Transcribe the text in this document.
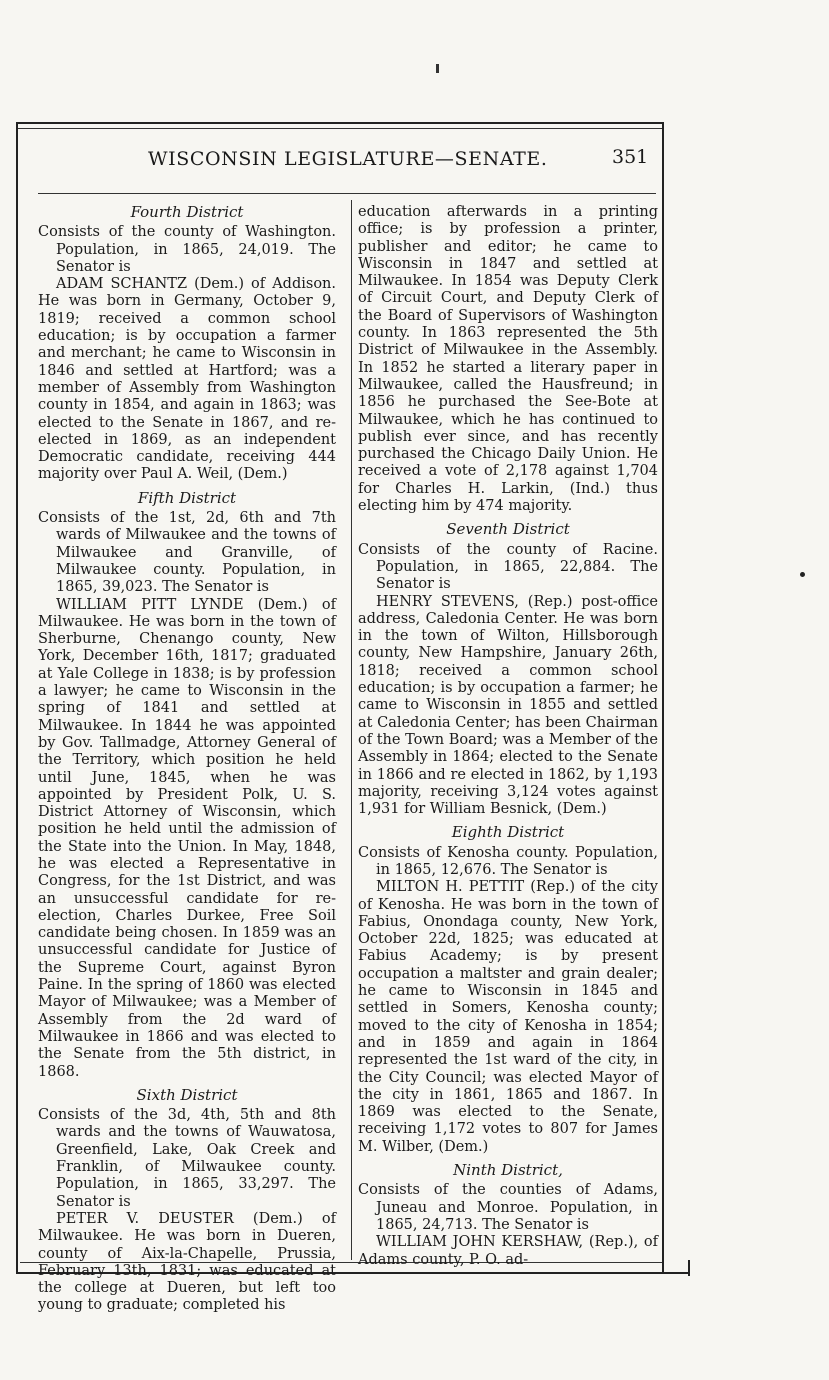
WISCONSIN LEGISLATURE—SENATE.	351
Fourth District

Consists of the county of Washington. Population, in 1865, 24,019. The Senator is

ADAM SCHANTZ (Dem.) of Addison. He was born in Germany, October 9, 1819; received a common school education; is by occupation a farmer and merchant; he came to Wisconsin in 1846 and settled at Hartford; was a member of Assembly from Washington county in 1854, and again in 1863; was elected to the Senate in 1867, and re-elected in 1869, as an independent Democratic candidate, receiving 444 majority over Paul A. Weil, (Dem.)

Fifth District

Consists of the 1st, 2d, 6th and 7th wards of Milwaukee and the towns of Milwaukee and Granville, of Milwaukee county. Population, in 1865, 39,023. The Senator is

WILLIAM PITT LYNDE (Dem.) of Milwaukee. He was born in the town of Sherburne, Chenango county, New York, December 16th, 1817; graduated at Yale College in 1838; is by profession a lawyer; he came to Wisconsin in the spring of 1841 and settled at Milwaukee. In 1844 he was appointed by Gov. Tallmadge, Attorney General of the Territory, which position he held until June, 1845, when he was appointed by President Polk, U. S. District Attorney of Wisconsin, which position he held until the admission of the State into the Union. In May, 1848, he was elected a Representative in Congress, for the 1st District, and was an unsuccessful candidate for re-election, Charles Durkee, Free Soil candidate being chosen. In 1859 was an unsuccessful candidate for Justice of the Supreme Court, against Byron Paine. In the spring of 1860 was elected Mayor of Milwaukee; was a Member of Assembly from the 2d ward of Milwaukee in 1866 and was elected to the Senate from the 5th district, in 1868.

Sixth District

Consists of the 3d, 4th, 5th and 8th wards and the towns of Wauwatosa, Greenfield, Lake, Oak Creek and Franklin, of Milwaukee county. Population, in 1865, 33,297. The Senator is

PETER V. DEUSTER (Dem.) of Milwaukee. He was born in Dueren, county of Aix-la-Chapelle, Prussia, February 13th, 1831; was educated at the college at Dueren, but left too young to graduate; completed his

education afterwards in a printing office; is by profession a printer, publisher and editor; he came to Wisconsin in 1847 and settled at Milwaukee. In 1854 was Deputy Clerk of Circuit Court, and Deputy Clerk of the Board of Supervisors of Washington county. In 1863 represented the 5th District of Milwaukee in the Assembly. In 1852 he started a literary paper in Milwaukee, called the Hausfreund; in 1856 he purchased the See-Bote at Milwaukee, which he has continued to publish ever since, and has recently purchased the Chicago Daily Union. He received a vote of 2,178 against 1,704 for Charles H. Larkin, (Ind.) thus electing him by 474 majority.

Seventh District

Consists of the county of Racine. Population, in 1865, 22,884. The Senator is

HENRY STEVENS, (Rep.) post-office address, Caledonia Center. He was born in the town of Wilton, Hillsborough county, New Hampshire, January 26th, 1818; received a common school education; is by occupation a farmer; he came to Wisconsin in 1855 and settled at Caledonia Center; has been Chairman of the Town Board; was a Member of the Assembly in 1864; elected to the Senate in 1866 and re elected in 1862, by 1,193 majority, receiving 3,124 votes against 1,931 for William Besnick, (Dem.)

Eighth District

Consists of Kenosha county. Population, in 1865, 12,676. The Senator is

MILTON H. PETTIT (Rep.) of the city of Kenosha. He was born in the town of Fabius, Onondaga county, New York, October 22d, 1825; was educated at Fabius Academy; is by present occupation a maltster and grain dealer; he came to Wisconsin in 1845 and settled in Somers, Kenosha county; moved to the city of Kenosha in 1854; and in 1859 and again in 1864 represented the 1st ward of the city, in the City Council; was elected Mayor of the city in 1861, 1865 and 1867. In 1869 was elected to the Senate, receiving 1,172 votes to 807 for James M. Wilber, (Dem.)

Ninth District,

Consists of the counties of Adams, Juneau and Monroe. Population, in 1865, 24,713. The Senator is

WILLIAM JOHN KERSHAW, (Rep.), of Adams county, P. O. ad-
